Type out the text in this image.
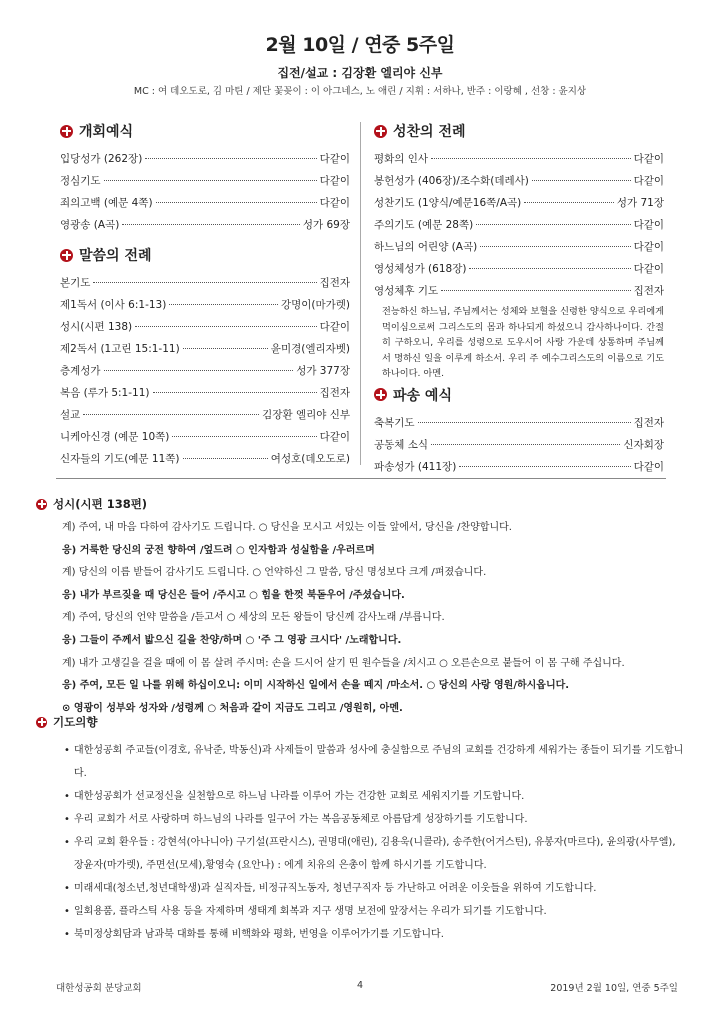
2월 10일 / 연중 5주일
집전/설교 : 김장환 엘리야 신부
MC : 여 데오도로, 김 마틴 / 제단 꽃꽂이 : 이 아그네스, 노 애린 / 지휘 : 서하나, 반주 : 이랑혜 , 선창 : 윤지상
개회예식
입당성가 (262장)	다같이
정심기도	다같이
죄의고백 (예문 4쪽)	다같이
영광송 (A곡)	성가 69장
말씀의 전례
본기도	집전자
제1독서 (이사 6:1-13)	강명이(마가렛)
성시(시편 138)	다같이
제2독서 (1고린 15:1-11)	윤미경(엘리자벳)
층계성가	성가 377장
복음 (루가 5:1-11)	집전자
설교	김장환 엘리야 신부
니케아신경 (예문 10쪽)	다같이
신자들의 기도(예문 11쪽)	여성호(데오도로)
성찬의 전례
평화의 인사	다같이
봉헌성가 (406장)/조수화(데레사)	다같이
성찬기도 (1양식/예문16쪽/A곡)	성가 71장
주의기도 (예문 28쪽)	다같이
하느님의 어린양 (A곡)	다같이
영성체성가 (618장)	다같이
영성체후 기도	집전자
전능하신 하느님, 주님께서는 성체와 보혈을 신령한 양식으로 우리에게 먹이심으로써 그리스도의 몸과 하나되게 하셨으니 감사하나이다. 간절히 구하오니, 우리를 성령으로 도우시어 사랑 가운데 상통하며 주님께서 명하신 일을 이루게 하소서. 우리 주 예수그리스도의 이름으로 기도하나이다. 아멘.
파송 예식
축복기도	집전자
공동체 소식	신자회장
파송성가 (411장)	다같이
성시(시편 138편)
계) 주여, 내 마음 다하여 감사기도 드립니다. ○ 당신을 모시고 서있는 이들 앞에서, 당신을 /찬양합니다.
응) 거룩한 당신의 궁전 향하여 /엎드려 ○ 인자함과 성실함을 /우러르며
계) 당신의 이름 받들어 감사기도 드립니다. ○ 언약하신 그 말씀, 당신 명성보다 크게 /펴졌습니다.
응) 내가 부르짖을 때 당신은 들어 /주시고 ○ 힘을 한껏 북돋우어 /주셨습니다.
계) 주여, 당신의 언약 말씀을 /듣고서 ○ 세상의 모든 왕들이 당신께 감사노래 /부릅니다.
응) 그들이 주께서 밟으신 길을 찬양/하며 ○ '주 그 영광 크시다' /노래합니다.
계) 내가 고생길을 걸을 때에 이 몸 살려 주시며: 손을 드시어 살기 띤 원수들을 /치시고 ○ 오른손으로 붙들어 이 몸 구해 주십니다.
응) 주여, 모든 일 나를 위해 하십이오니: 이미 시작하신 일에서 손을 떼지 /마소서. ○ 당신의 사랑 영원/하시옵니다.
⊙ 영광이 성부와 성자와 /성령께 ○ 처음과 같이 지금도 그리고 /영원히, 아멘.
기도의향
• 대한성공회 주교들(이경호, 유낙준, 박동신)과 사제들이 말씀과 성사에 충실함으로 주님의 교회를 건강하게 세워가는 종들이 되기를 기도합니다.
• 대한성공회가 선교정신을 실천함으로 하느님 나라를 이루어 가는 건강한 교회로 세워지기를 기도합니다.
• 우리 교회가 서로 사랑하며 하느님의 나라를 일구어 가는 복음공동체로 아름답게 성장하기를 기도합니다.
• 우리 교회 환우들 : 강현석(아나니아) 구기설(프란시스), 권명대(애린), 김용욱(니콜라), 송주한(어거스틴), 유봉자(마르다), 윤의광(사무엘), 장윤자(마가렛), 주면선(모세),황영숙 (요안나) : 에게 치유의 은총이 함께 하시기를 기도합니다.
• 미래세대(청소년,청년대학생)과 실직자들, 비정규직노동자, 청년구직자 등 가난하고 어려운 이웃들을 위하여 기도합니다.
• 일회용품, 플라스틱 사용 등을 자제하며 생태계 회복과 지구 생명 보전에 앞장서는 우리가 되기를 기도합니다.
• 북미정상회담과 남과북 대화를 통해 비핵화와 평화, 번영을 이루어가기를 기도합니다.
대한성공회 분당교회	4	2019년 2월 10일, 연중 5주일
